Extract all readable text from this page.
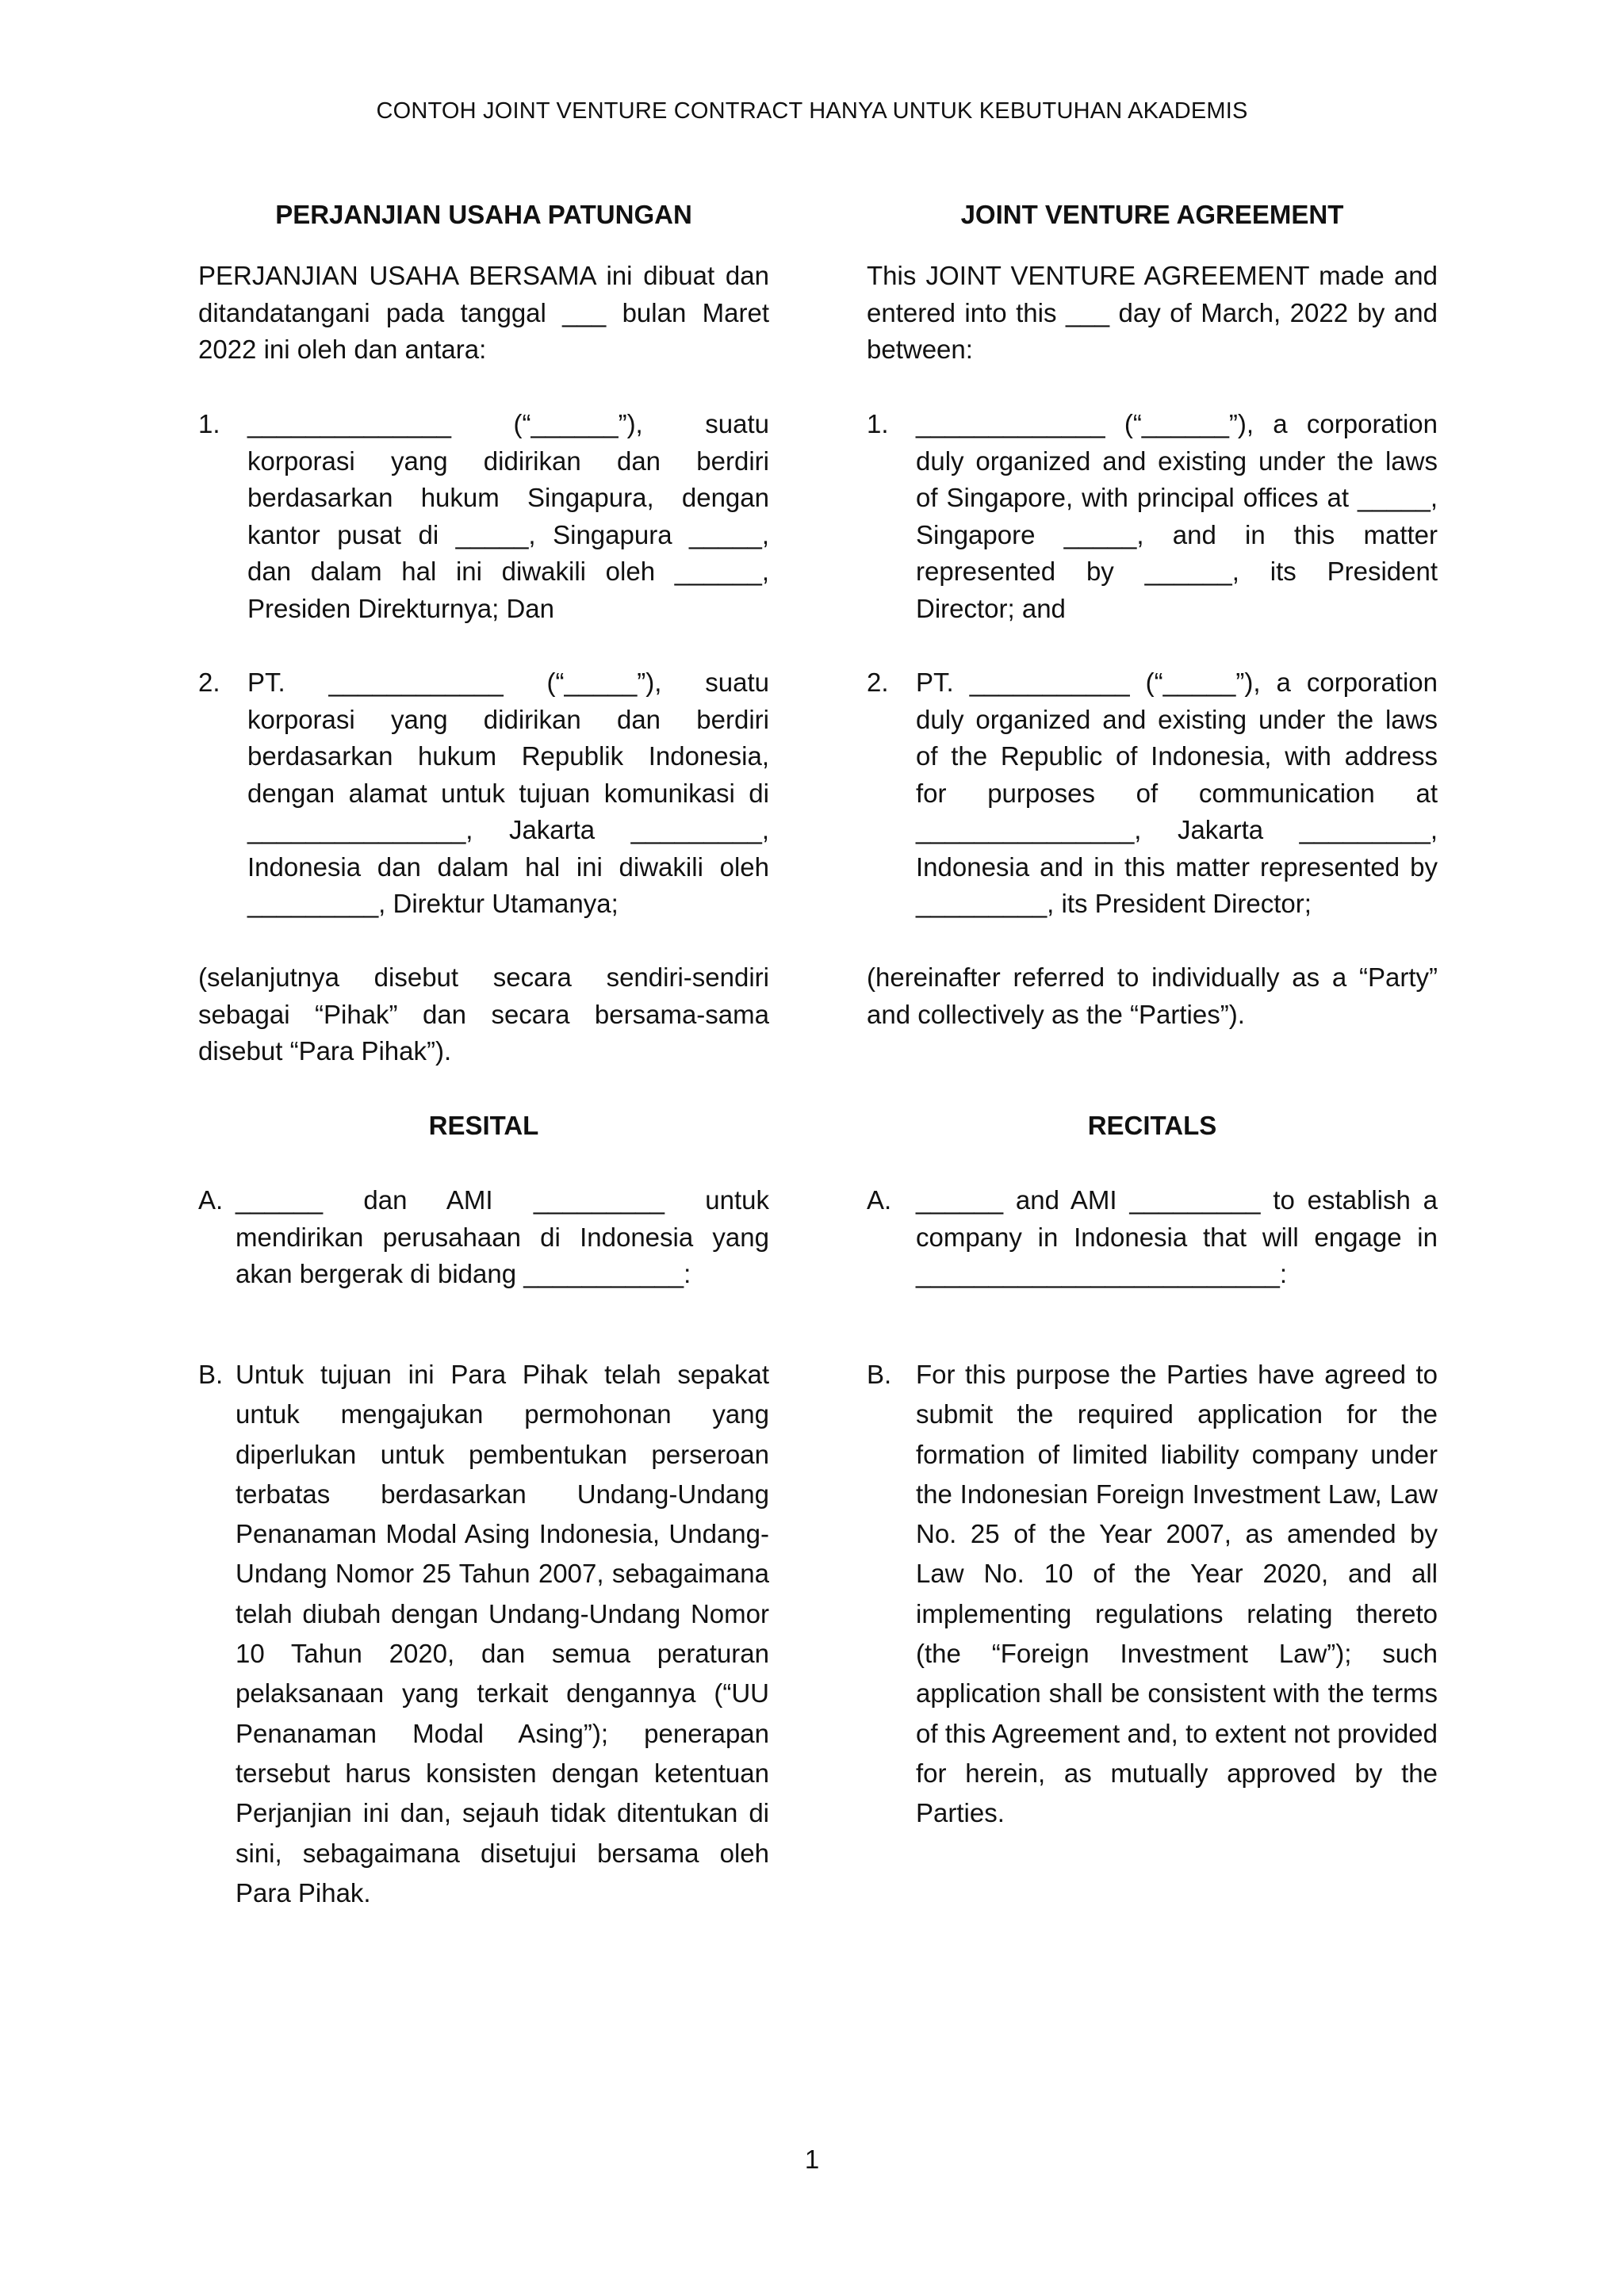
CONTOH JOINT VENTURE CONTRACT HANYA UNTUK KEBUTUHAN AKADEMIS

PERJANJIAN USAHA PATUNGAN

PERJANJIAN USAHA BERSAMA ini dibuat dan ditandatangani pada tanggal ___ bulan Maret 2022 ini oleh dan antara:

1. ______________ (“______”), suatu korporasi yang didirikan dan berdiri berdasarkan hukum Singapura, dengan kantor pusat di _____, Singapura _____, dan dalam hal ini diwakili oleh ______, Presiden Direkturnya; Dan
2. PT. ____________ (“_____”), suatu korporasi yang didirikan dan berdiri berdasarkan hukum Republik Indonesia, dengan alamat untuk tujuan komunikasi di _______________, Jakarta _________, Indonesia dan dalam hal ini diwakili oleh _________, Direktur Utamanya;

(selanjutnya disebut secara sendiri-sendiri sebagai “Pihak” dan secara bersama-sama disebut “Para Pihak”).

RESITAL

A. ______ dan AMI _________ untuk mendirikan perusahaan di Indonesia yang akan bergerak di bidang ___________:
B. Untuk tujuan ini Para Pihak telah sepakat untuk mengajukan permohonan yang diperlukan untuk pembentukan perseroan terbatas berdasarkan Undang-Undang Penanaman Modal Asing Indonesia, Undang-Undang Nomor 25 Tahun 2007, sebagaimana telah diubah dengan Undang-Undang Nomor 10 Tahun 2020, dan semua peraturan pelaksanaan yang terkait dengannya (“UU Penanaman Modal Asing”); penerapan tersebut harus konsisten dengan ketentuan Perjanjian ini dan, sejauh tidak ditentukan di sini, sebagaimana disetujui bersama oleh Para Pihak.

JOINT VENTURE AGREEMENT

This JOINT VENTURE AGREEMENT made and entered into this ___ day of March, 2022 by and between:

1. _____________ (“______”), a corporation duly organized and existing under the laws of Singapore, with principal offices at _____, Singapore _____, and in this matter represented by ______, its President Director; and
2. PT. ___________ (“_____”), a corporation duly organized and existing under the laws of the Republic of Indonesia, with address for purposes of communication at _______________, Jakarta _________, Indonesia and in this matter represented by _________, its President Director;

(hereinafter referred to individually as a “Party” and collectively as the “Parties”).

RECITALS

A. ______ and AMI _________ to establish a company in Indonesia that will engage in _________________________:
B. For this purpose the Parties have agreed to submit the required application for the formation of limited liability company under the Indonesian Foreign Investment Law, Law No. 25 of the Year 2007, as amended by Law No. 10 of the Year 2020, and all implementing regulations relating thereto (the “Foreign Investment Law”); such application shall be consistent with the terms of this Agreement and, to extent not provided for herein, as mutually approved by the Parties.
1
